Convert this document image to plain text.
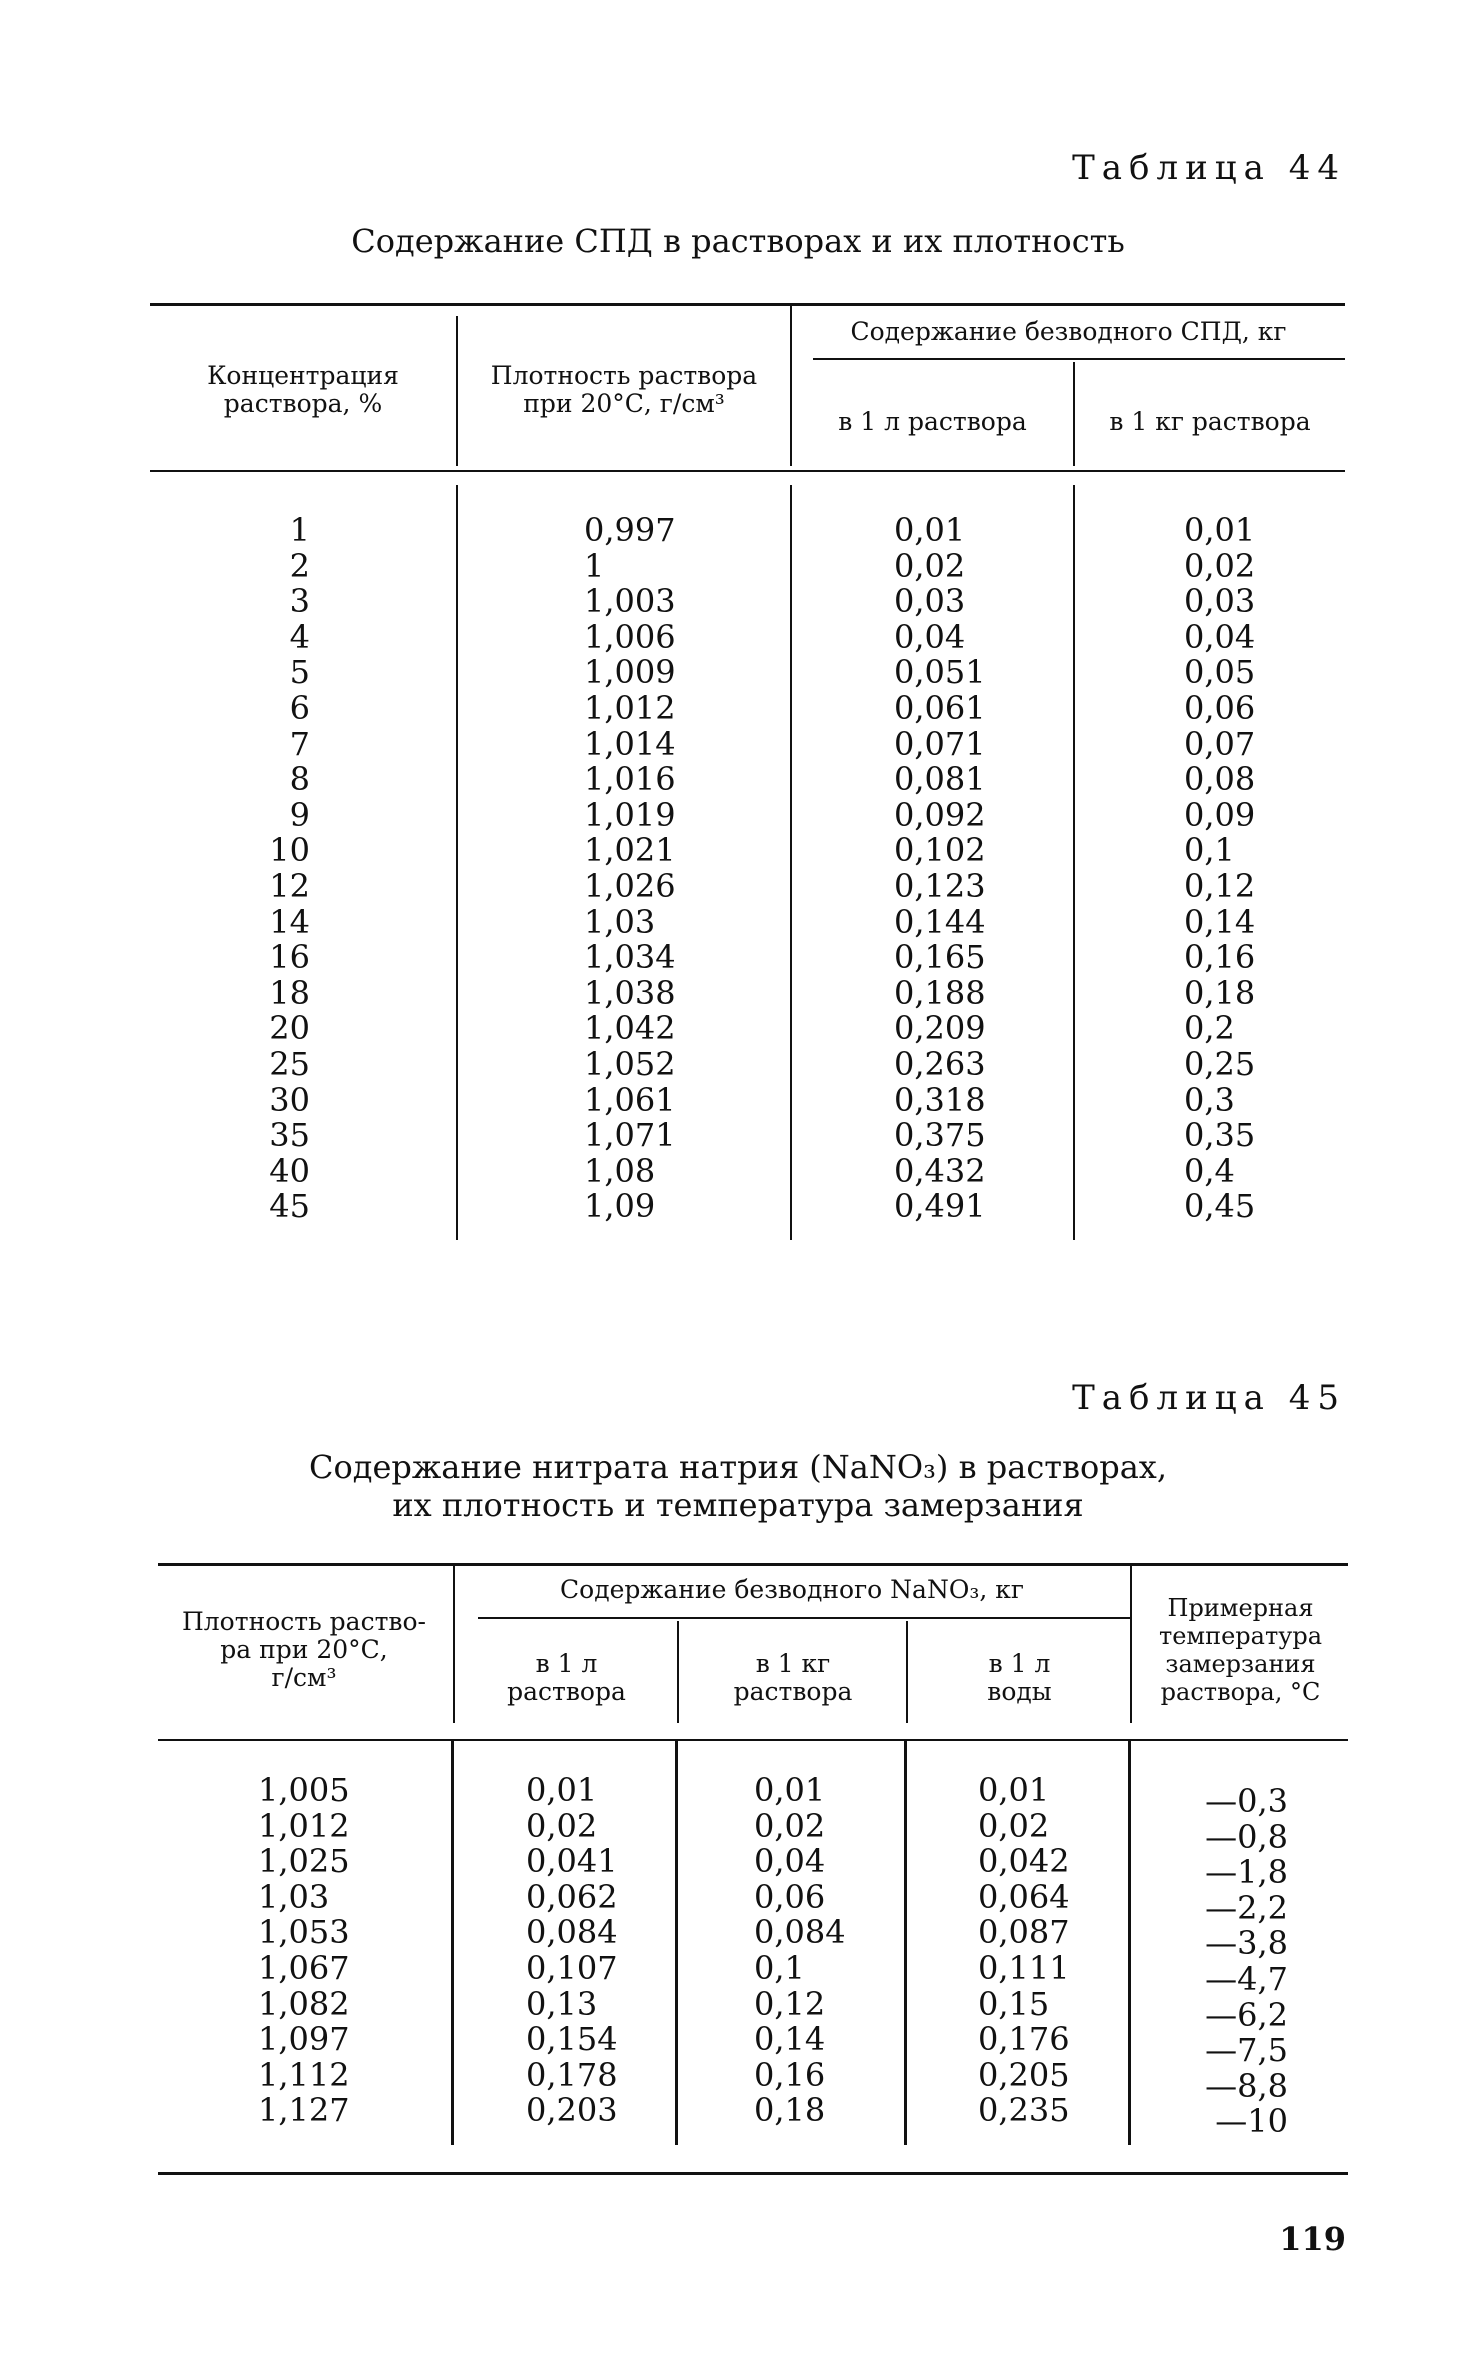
Таблица 44
Содержание СПД в растворах и их плотность
Концентрация
раствора, %
Плотность раствора
при 20°С, г/см³
Содержание безводного СПД, кг
в 1 л раствора	в 1 кг раствора
1
2
3
4
5
6
7
8
9
10
12
14
16
18
20
25
30
35
40
45
0,997
1
1,003
1,006
1,009
1,012
1,014
1,016
1,019
1,021
1,026
1,03
1,034
1,038
1,042
1,052
1,061
1,071
1,08
1,09
0,01
0,02
0,03
0,04
0,051
0,061
0,071
0,081
0,092
0,102
0,123
0,144
0,165
0,188
0,209
0,263
0,318
0,375
0,432
0,491
0,01
0,02
0,03
0,04
0,05
0,06
0,07
0,08
0,09
0,1
0,12
0,14
0,16
0,18
0,2
0,25
0,3
0,35
0,4
0,45
Таблица 45
Содержание нитрата натрия (NaNO₃) в растворах,
их плотность и температура замерзания
Плотность раство-
ра при 20°С,
г/см³
Содержание безводного NaNO₃, кг
в 1 л
раствора
в 1 кг
раствора
в 1 л
воды
Примерная
температура
замерзания
раствора, °С
1,005
1,012
1,025
1,03
1,053
1,067
1,082
1,097
1,112
1,127
0,01
0,02
0,041
0,062
0,084
0,107
0,13
0,154
0,178
0,203
0,01
0,02
0,04
0,06
0,084
0,1
0,12
0,14
0,16
0,18
0,01
0,02
0,042
0,064
0,087
0,111
0,15
0,176
0,205
0,235
—0,3
—0,8
—1,8
—2,2
—3,8
—4,7
—6,2
—7,5
—8,8
—10
119
